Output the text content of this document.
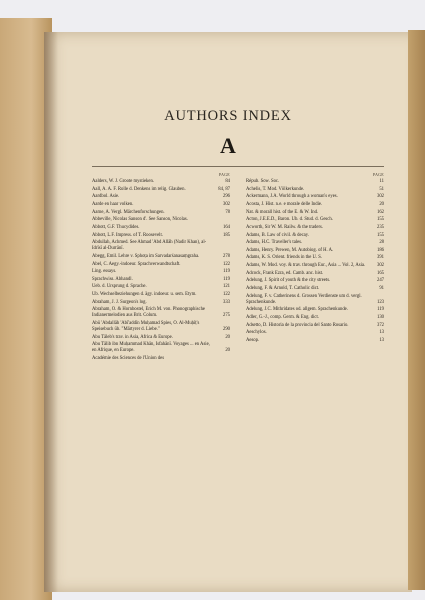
AUTHORS INDEX
A
PAGE
Aalders, W. J. Groote mystieken.	84
Aall, A. A. F. Rolle d. Denkens im relig. Glauben.	84, 87
Aardbol. Asie.	296
Aarde en haar volken.	302
Aarne, A. Vergl. Märchenforschungen.	78
Abbeville, Nicolas Sanson d'. See Sanson, Nicolas.
Abbott, G.F. Thucydides.	164
Abbott, L.F. Impress. of T. Roosevelt.	185
Abdullah, Achmed. See Ahmad 'Abd Allāh (Nadir Khan), al-Idrīsī al-Durrānī.
Abegg, Emil. Lehre v. Sphoṭa im Sarvadarśanasaṃgraha.	278
Abel, C. Aegy.-indoeur. Sprachverwandtschaft.	122
Ling. essays.	119
Sprachwiss. Abhandl.	119
Ueb. d. Ursprung d. Sprache.	121
Ub. Wechselbeziehungen d. ägy. indoeur. u. sem. Etym.	122
Abraham, J. J. Surgeon's log.	333
Abraham, O. & Hornbostel, Erich M. von. Phonographische Indianermelodien aus Brit. Colum.	275
Abū 'Abdallāh 'Abī'addīn Muḥamad Spies, O. Al-Muḥīṭ's Speisebuch üb. "Märtyrer d. Liebe."	290
Abu Tāleb's trav. in Asia, Africa & Europe.	20
Abu Tālib ibn Muḥammad Khān, Isfahānī. Voyages ... en Asie, en Afrique, en Europe.	20
Académie des Sciences de l'Union des
PAGE
Répub. Sow. Soc.	11
Achelis, T. Mod. Völkerkunde.	51
Ackermann, J.A. World through a woman's eyes.	302
Acosta, J. Hist. n.e. e morale delle Indie.	20
Nat. & morall hist. of the E. & W. Ind.	162
Acton, J.E.E.D., Baron. Ub. d. Stud. d. Gesch.	155
Acworth, Sir W. M. Railw. & the traders.	235
Adams, B. Law of civil. & decay.	155
Adams, H.C. Traveller's tales.	28
Adams, Henry. Prewen, M. Autobiog. of H. A.	186
Adams, K. S. Orient. friends in the U. S.	391
Adams, W. Mod. voy. & trav. through Eur., Asia ... Vol. 2, Asia.	302
Adcock, Frank Ezra, ed. Camb. anc. hist.	165
Adelung, J. Spirit of youth & the city streets.	247
Adelung, F. & Arnold, T. Catholic dict.	91
Adelung, F. v. Catherinens d. Grossen Verdienste um d. vergl. Sprachenkunde.	123
Adelung, J.C. Mithridates od. allgem. Sprachenkunde.	119
Adler, G.-J., comp. Germ. & Eng. dict.	130
Adsetto, D. Historia de la provincia del Santo Rosario.	372
Aeschylos.	13
Aesop.	13
